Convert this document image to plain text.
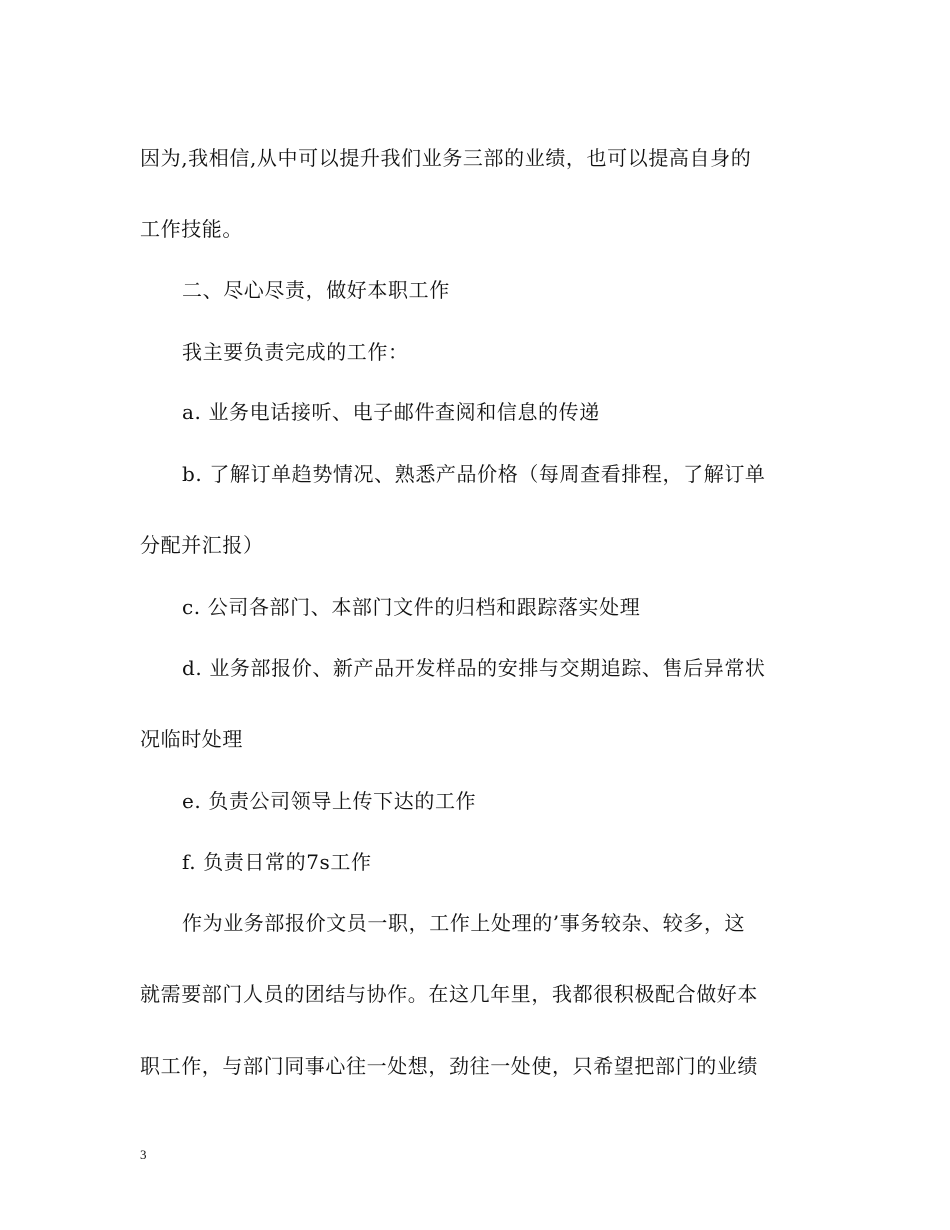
因为,我相信,从中可以提升我们业务三部的业绩，也可以提高自身的
工作技能。
二、尽心尽责，做好本职工作
我主要负责完成的工作：
a. 业务电话接听、电子邮件查阅和信息的传递
b. 了解订单趋势情况、熟悉产品价格（每周查看排程，了解订单
分配并汇报）
c. 公司各部门、本部门文件的归档和跟踪落实处理
d. 业务部报价、新产品开发样品的安排与交期追踪、售后异常状
况临时处理
e. 负责公司领导上传下达的工作
f. 负责日常的7s工作
作为业务部报价文员一职，工作上处理的’事务较杂、较多，这
就需要部门人员的团结与协作。在这几年里，我都很积极配合做好本
职工作，与部门同事心往一处想，劲往一处使，只希望把部门的业绩
3
